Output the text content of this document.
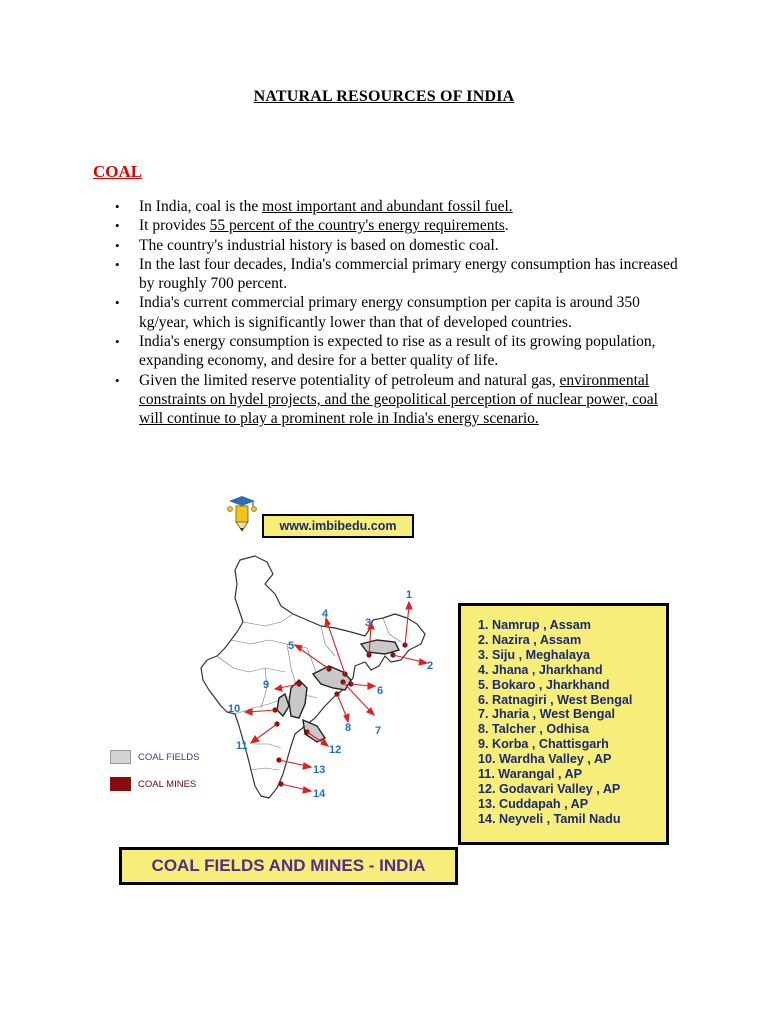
NATURAL RESOURCES OF INDIA
COAL
• In India, coal is the most important and abundant fossil fuel.
• It provides 55 percent of the country's energy requirements.
• The country's industrial history is based on domestic coal.
• In the last four decades, India's commercial primary energy consumption has increased by roughly 700 percent.
• India's current commercial primary energy consumption per capita is around 350 kg/year, which is significantly lower than that of developed countries.
• India's energy consumption is expected to rise as a result of its growing population, expanding economy, and desire for a better quality of life.
• Given the limited reserve potentiality of petroleum and natural gas, environmental constraints on hydel projects, and the geopolitical perception of nuclear power, coal will continue to play a prominent role in India's energy scenario.
www.imbibedu.com
1
2
3
4
5
6
7
8
9
10
11	12
13
14
COAL FIELDS
COAL MINES
1. Namrup , Assam
2. Nazira , Assam
3. Siju , Meghalaya
4. Jhana , Jharkhand
5. Bokaro , Jharkhand
6. Ratnagiri , West Bengal
7. Jharia , West Bengal
8. Talcher , Odhisa
9. Korba , Chattisgarh
10. Wardha Valley , AP
11. Warangal , AP
12. Godavari Valley , AP
13. Cuddapah , AP
14. Neyveli , Tamil Nadu
COAL FIELDS AND MINES - INDIA
